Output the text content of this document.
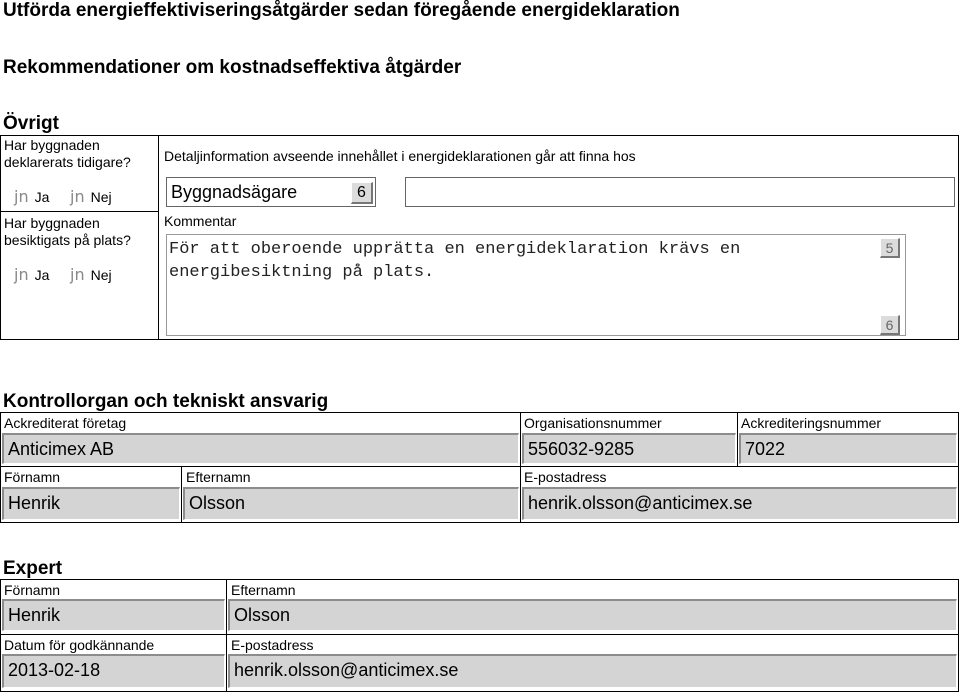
Utförda energieffektiviseringsåtgärder sedan föregående energideklaration
Rekommendationer om kostnadseffektiva åtgärder
Övrigt
Har byggnaden deklarerats tidigare?
jn Ja jn Nej
Har byggnaden besiktigats på plats?
jn Ja jn Nej
Detaljinformation avseende innehållet i energideklarationen går att finna hos
Byggnadsägare	6
Kommentar
För att oberoende upprätta en energideklaration krävs en energibesiktning på plats.
5
6
Kontrollorgan och tekniskt ansvarig
Ackrediterat företag
Anticimex AB
Organisationsnummer
556032-9285
Ackrediteringsnummer
7022
Förnamn
Henrik
Efternamn
Olsson
E-postadress
henrik.olsson@anticimex.se
Expert
Förnamn
Henrik
Efternamn
Olsson
Datum för godkännande
2013-02-18
E-postadress
henrik.olsson@anticimex.se
